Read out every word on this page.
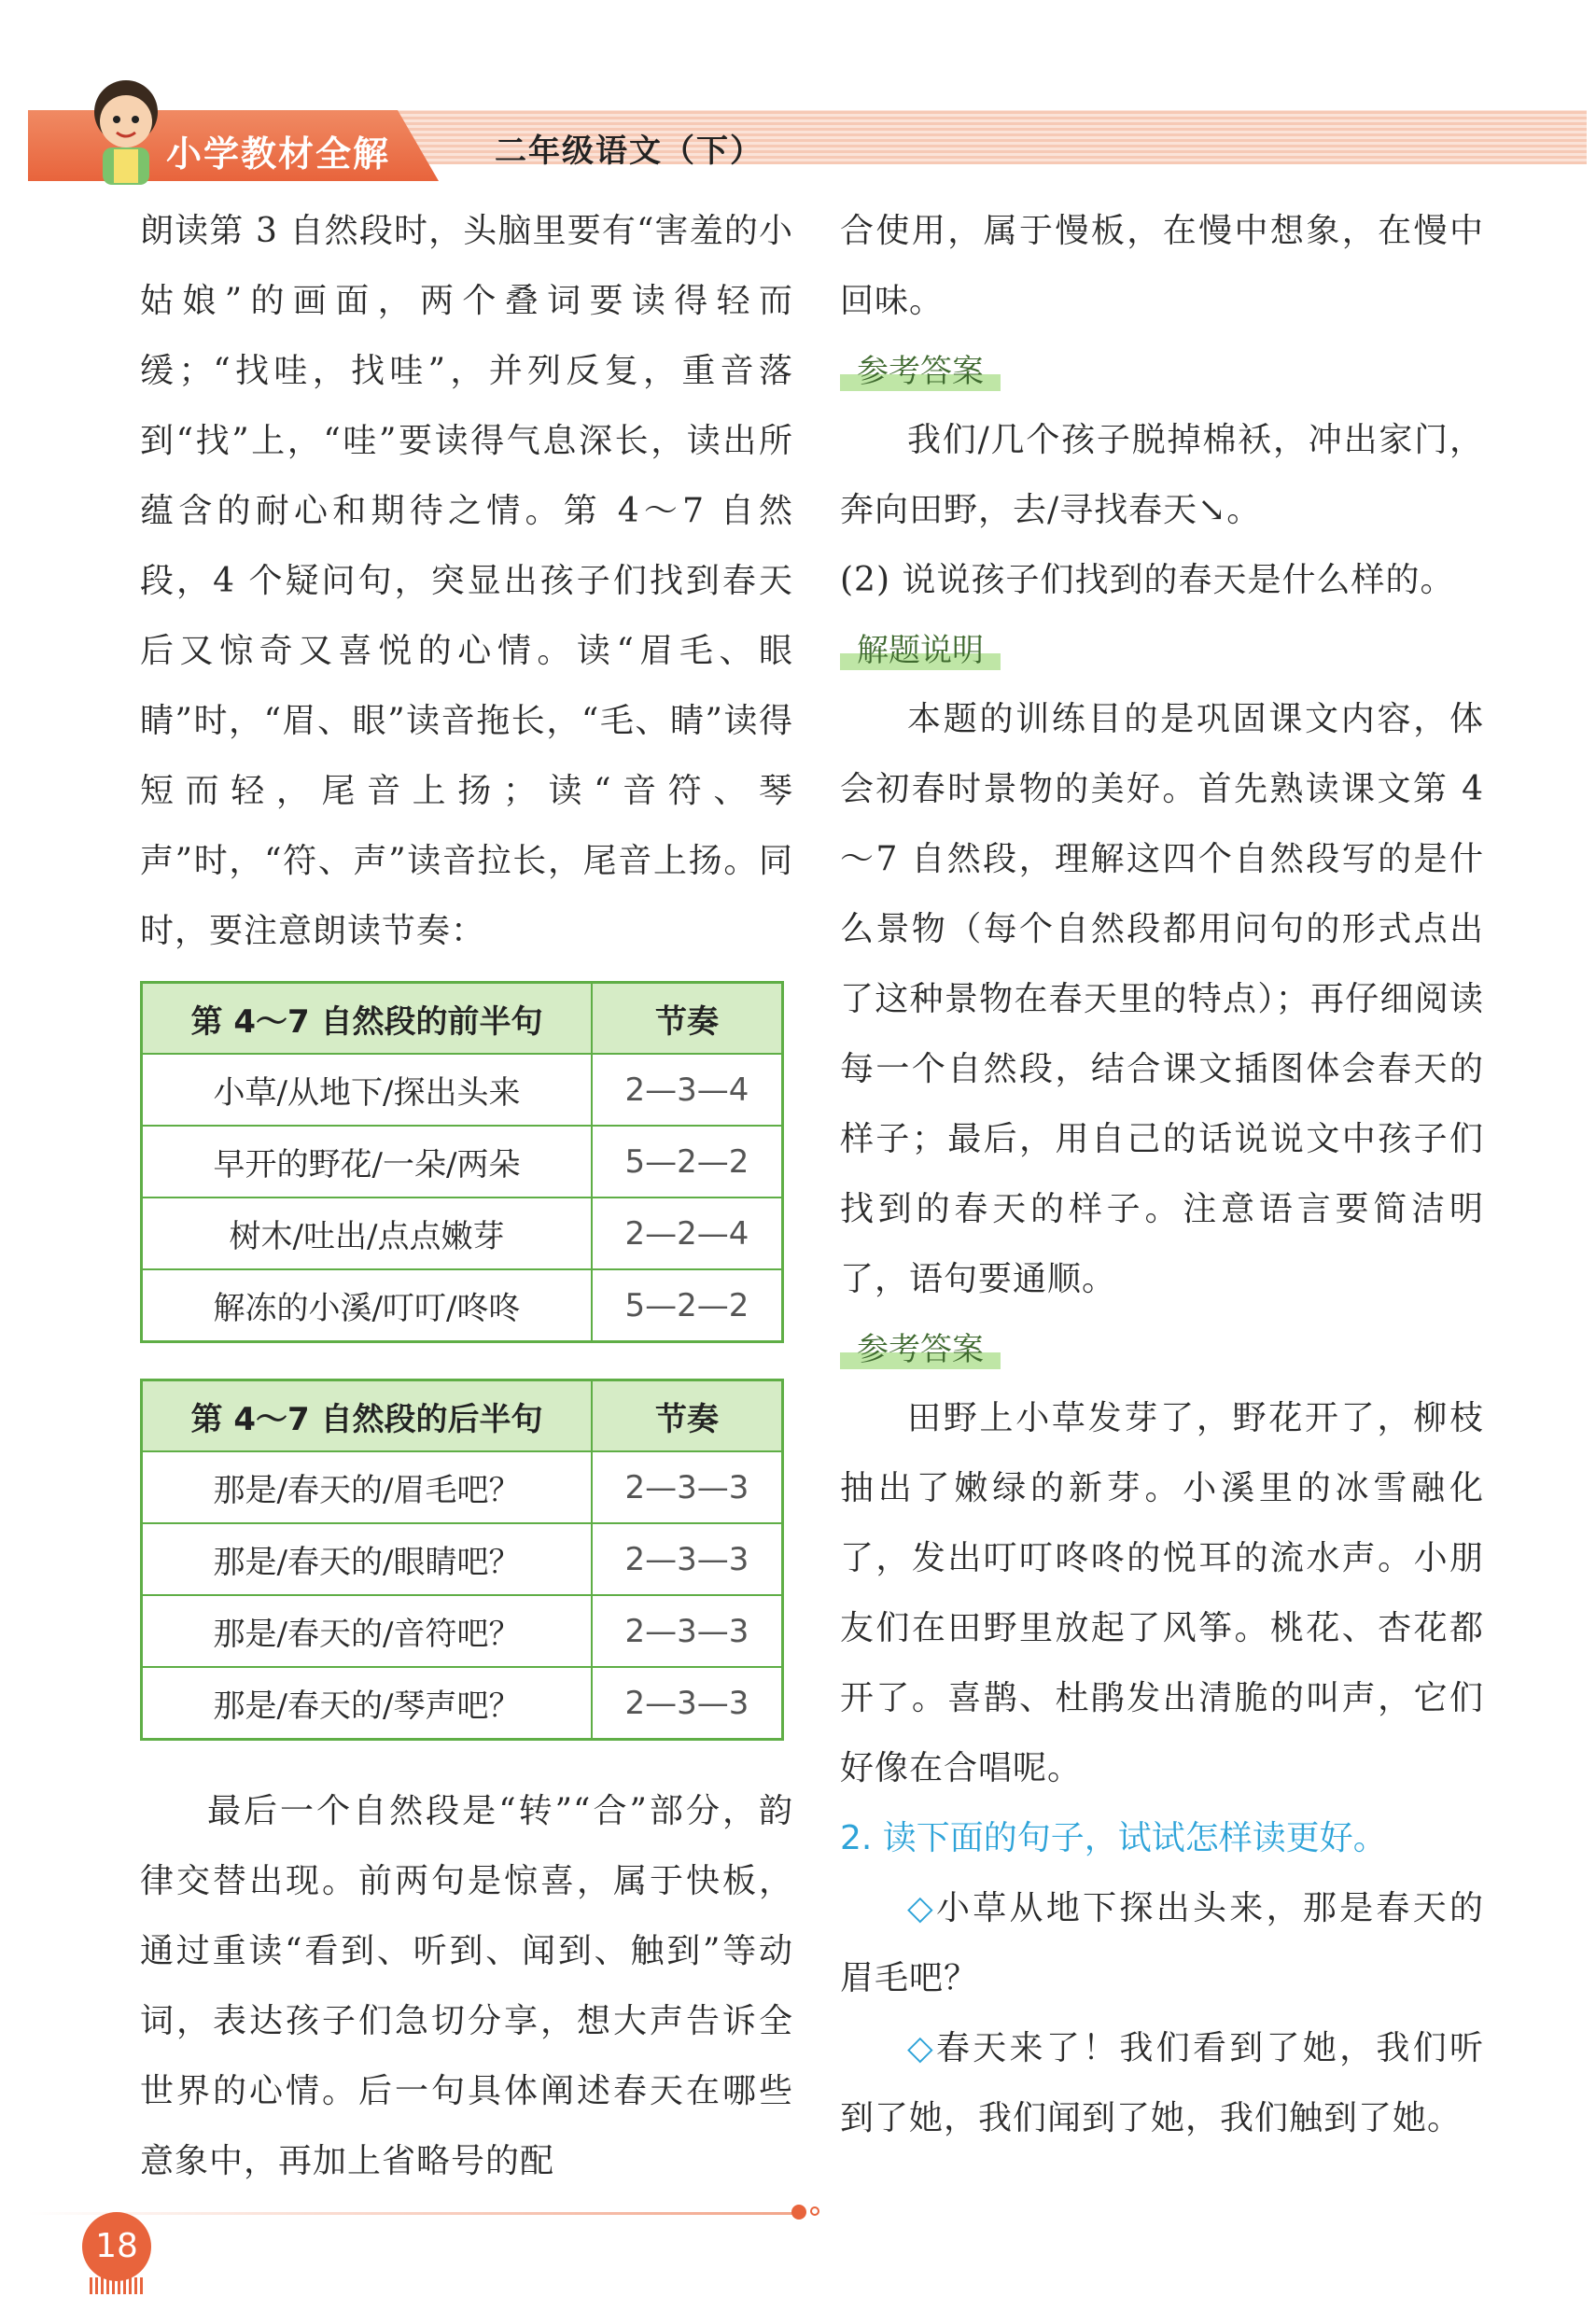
小学教材全解	二年级语文（下）

朗读第 3 自然段时，头脑里要有“害羞的小姑娘”的画面，两个叠词要读得轻而缓；“找哇，找哇”，并列反复，重音落到“找”上，“哇”要读得气息深长，读出所蕴含的耐心和期待之情。第 4～7 自然段，4 个疑问句，突显出孩子们找到春天后又惊奇又喜悦的心情。读“眉毛、眼睛”时，“眉、眼”读音拖长，“毛、睛”读得短而轻，尾音上扬；读“音符、琴声”时，“符、声”读音拉长，尾音上扬。同时，要注意朗读节奏：

第 4～7 自然段的前半句	节奏
小草/从地下/探出头来	2—3—4
早开的野花/一朵/两朵	5—2—2
树木/吐出/点点嫩芽	2—2—4
解冻的小溪/叮叮/咚咚	5—2—2
第 4～7 自然段的后半句	节奏
那是/春天的/眉毛吧？	2—3—3
那是/春天的/眼睛吧？	2—3—3
那是/春天的/音符吧？	2—3—3
那是/春天的/琴声吧？	2—3—3

最后一个自然段是“转”“合”部分，韵律交替出现。前两句是惊喜，属于快板，通过重读“看到、听到、闻到、触到”等动词，表达孩子们急切分享，想大声告诉全世界的心情。后一句具体阐述春天在哪些意象中，再加上省略号的配

合使用，属于慢板，在慢中想象，在慢中回味。

参考答案

我们/几个孩子脱掉棉袄，冲出家门，奔向田野，去/寻找春天↘。

(2) 说说孩子们找到的春天是什么样的。

解题说明

本题的训练目的是巩固课文内容，体会初春时景物的美好。首先熟读课文第 4～7 自然段，理解这四个自然段写的是什么景物（每个自然段都用问句的形式点出了这种景物在春天里的特点）；再仔细阅读每一个自然段，结合课文插图体会春天的样子；最后，用自己的话说说文中孩子们找到的春天的样子。注意语言要简洁明了，语句要通顺。

参考答案

田野上小草发芽了，野花开了，柳枝抽出了嫩绿的新芽。小溪里的冰雪融化了，发出叮叮咚咚的悦耳的流水声。小朋友们在田野里放起了风筝。桃花、杏花都开了。喜鹊、杜鹃发出清脆的叫声，它们好像在合唱呢。

2. 读下面的句子，试试怎样读更好。

◇小草从地下探出头来，那是春天的眉毛吧？

◇春天来了！我们看到了她，我们听到了她，我们闻到了她，我们触到了她。

18
